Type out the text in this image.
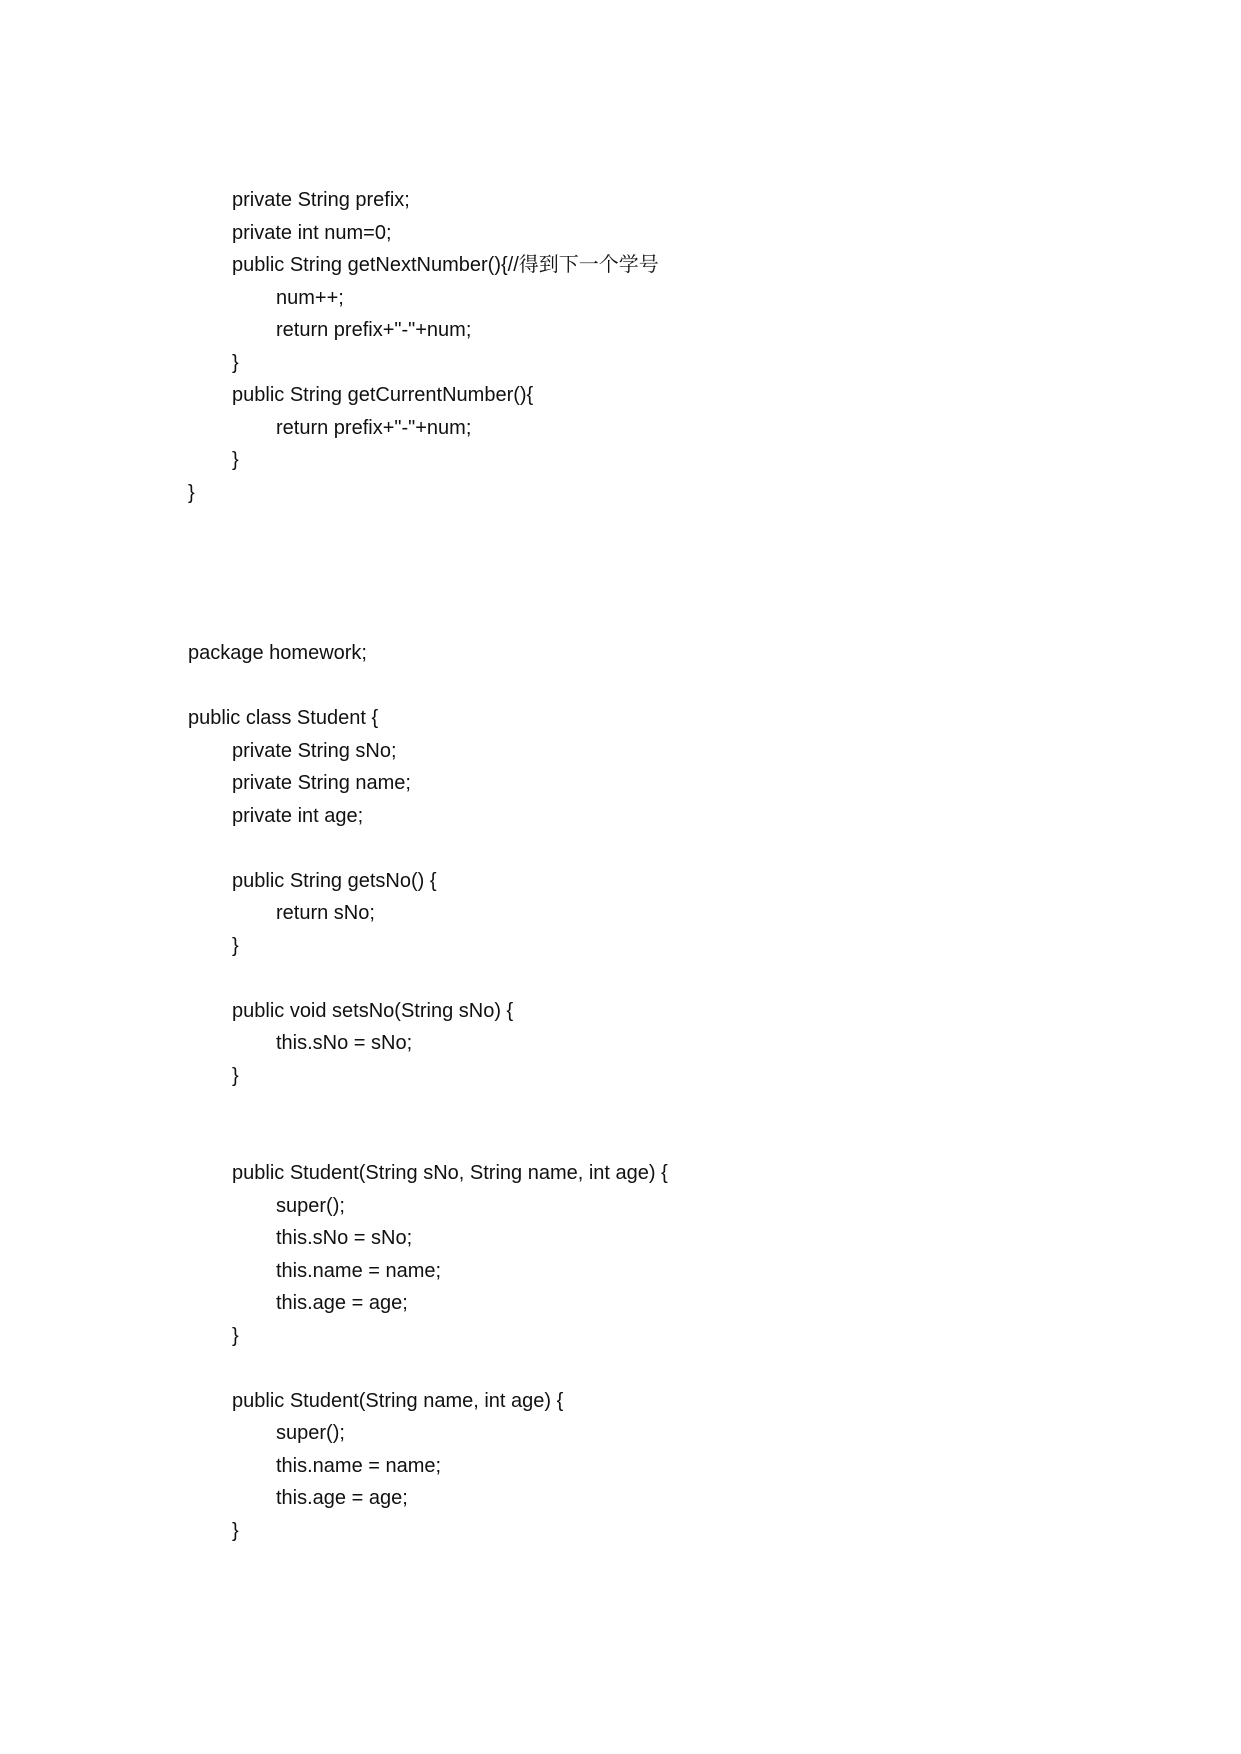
private String prefix;
private int num=0;
public String getNextNumber(){//得到下一个学号
num++;
return prefix+"-"+num;
}
public String getCurrentNumber(){
return prefix+"-"+num;
}
}
package homework;
public class Student {
private String sNo;
private String name;
private int age;
public String getsNo() {
return sNo;
}
public void setsNo(String sNo) {
this.sNo = sNo;
}
public Student(String sNo, String name, int age) {
super();
this.sNo = sNo;
this.name = name;
this.age = age;
}
public Student(String name, int age) {
super();
this.name = name;
this.age = age;
}
